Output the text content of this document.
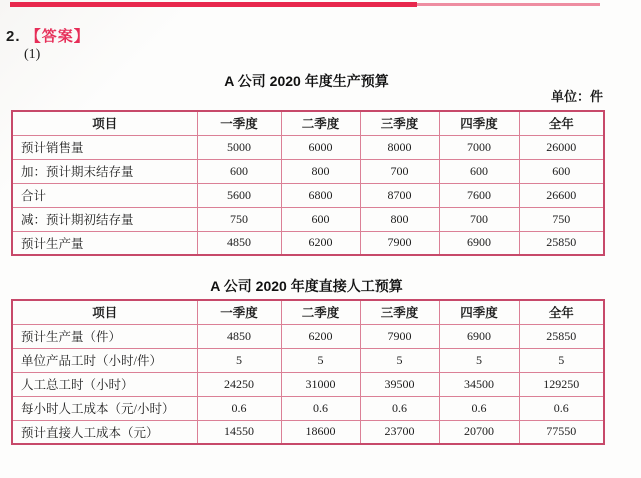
2. 【答案】
(1)
A 公司 2020 年度生产预算
单位：件
项目	一季度	二季度	三季度	四季度	全年
预计销售量	5000	6000	8000	7000	26000
加：预计期末结存量	600	800	700	600	600
合计	5600	6800	8700	7600	26600
减：预计期初结存量	750	600	800	700	750
预计生产量	4850	6200	7900	6900	25850
A 公司 2020 年度直接人工预算
项目	一季度	二季度	三季度	四季度	全年
预计生产量（件）	4850	6200	7900	6900	25850
单位产品工时（小时/件）	5	5	5	5	5
人工总工时（小时）	24250	31000	39500	34500	129250
每小时人工成本（元/小时）	0.6	0.6	0.6	0.6	0.6
预计直接人工成本（元）	14550	18600	23700	20700	77550
